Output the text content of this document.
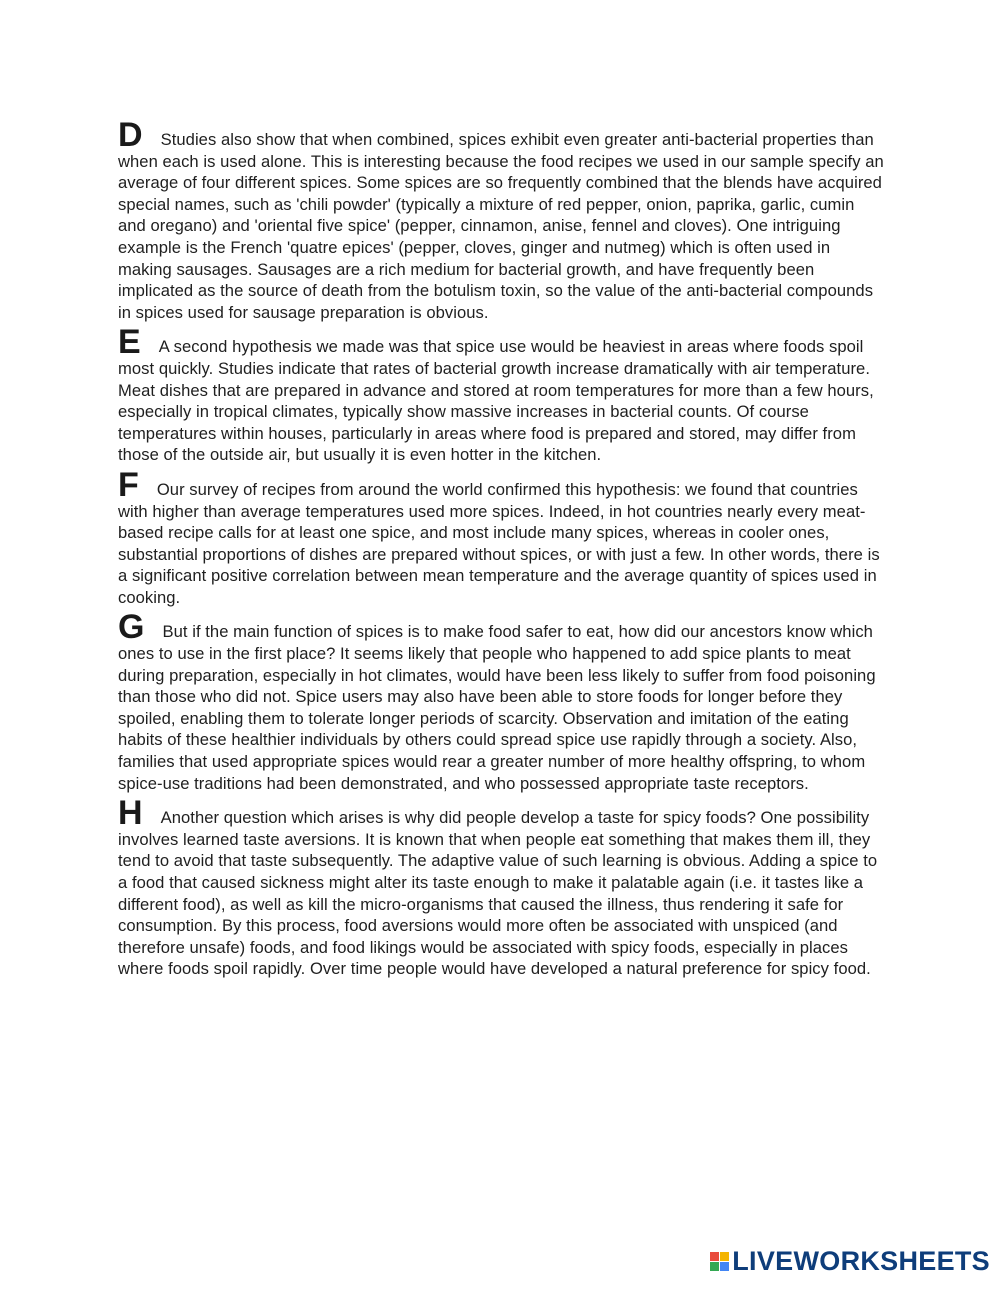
D Studies also show that when combined, spices exhibit even greater anti-bacterial properties than when each is used alone. This is interesting because the food recipes we used in our sample specify an average of four different spices. Some spices are so frequently combined that the blends have acquired special names, such as 'chili powder' (typically a mixture of red pepper, onion, paprika, garlic, cumin and oregano) and 'oriental five spice' (pepper, cinnamon, anise, fennel and cloves). One intriguing example is the French 'quatre epices' (pepper, cloves, ginger and nutmeg) which is often used in making sausages. Sausages are a rich medium for bacterial growth, and have frequently been implicated as the source of death from the botulism toxin, so the value of the anti-bacterial compounds in spices used for sausage preparation is obvious.

E A second hypothesis we made was that spice use would be heaviest in areas where foods spoil most quickly. Studies indicate that rates of bacterial growth increase dramatically with air temperature. Meat dishes that are prepared in advance and stored at room temperatures for more than a few hours, especially in tropical climates, typically show massive increases in bacterial counts. Of course temperatures within houses, particularly in areas where food is prepared and stored, may differ from those of the outside air, but usually it is even hotter in the kitchen.

F Our survey of recipes from around the world confirmed this hypothesis: we found that countries with higher than average temperatures used more spices. Indeed, in hot countries nearly every meat-based recipe calls for at least one spice, and most include many spices, whereas in cooler ones, substantial proportions of dishes are prepared without spices, or with just a few. In other words, there is a significant positive correlation between mean temperature and the average quantity of spices used in cooking.

G But if the main function of spices is to make food safer to eat, how did our ancestors know which ones to use in the first place? It seems likely that people who happened to add spice plants to meat during preparation, especially in hot climates, would have been less likely to suffer from food poisoning than those who did not. Spice users may also have been able to store foods for longer before they spoiled, enabling them to tolerate longer periods of scarcity. Observation and imitation of the eating habits of these healthier individuals by others could spread spice use rapidly through a society. Also, families that used appropriate spices would rear a greater number of more healthy offspring, to whom spice-use traditions had been demonstrated, and who possessed appropriate taste receptors.

H Another question which arises is why did people develop a taste for spicy foods? One possibility involves learned taste aversions. It is known that when people eat something that makes them ill, they tend to avoid that taste subsequently. The adaptive value of such learning is obvious. Adding a spice to a food that caused sickness might alter its taste enough to make it palatable again (i.e. it tastes like a different food), as well as kill the micro-organisms that caused the illness, thus rendering it safe for consumption. By this process, food aversions would more often be associated with unspiced (and therefore unsafe) foods, and food likings would be associated with spicy foods, especially in places where foods spoil rapidly. Over time people would have developed a natural preference for spicy food.

LIVEWORKSHEETS
